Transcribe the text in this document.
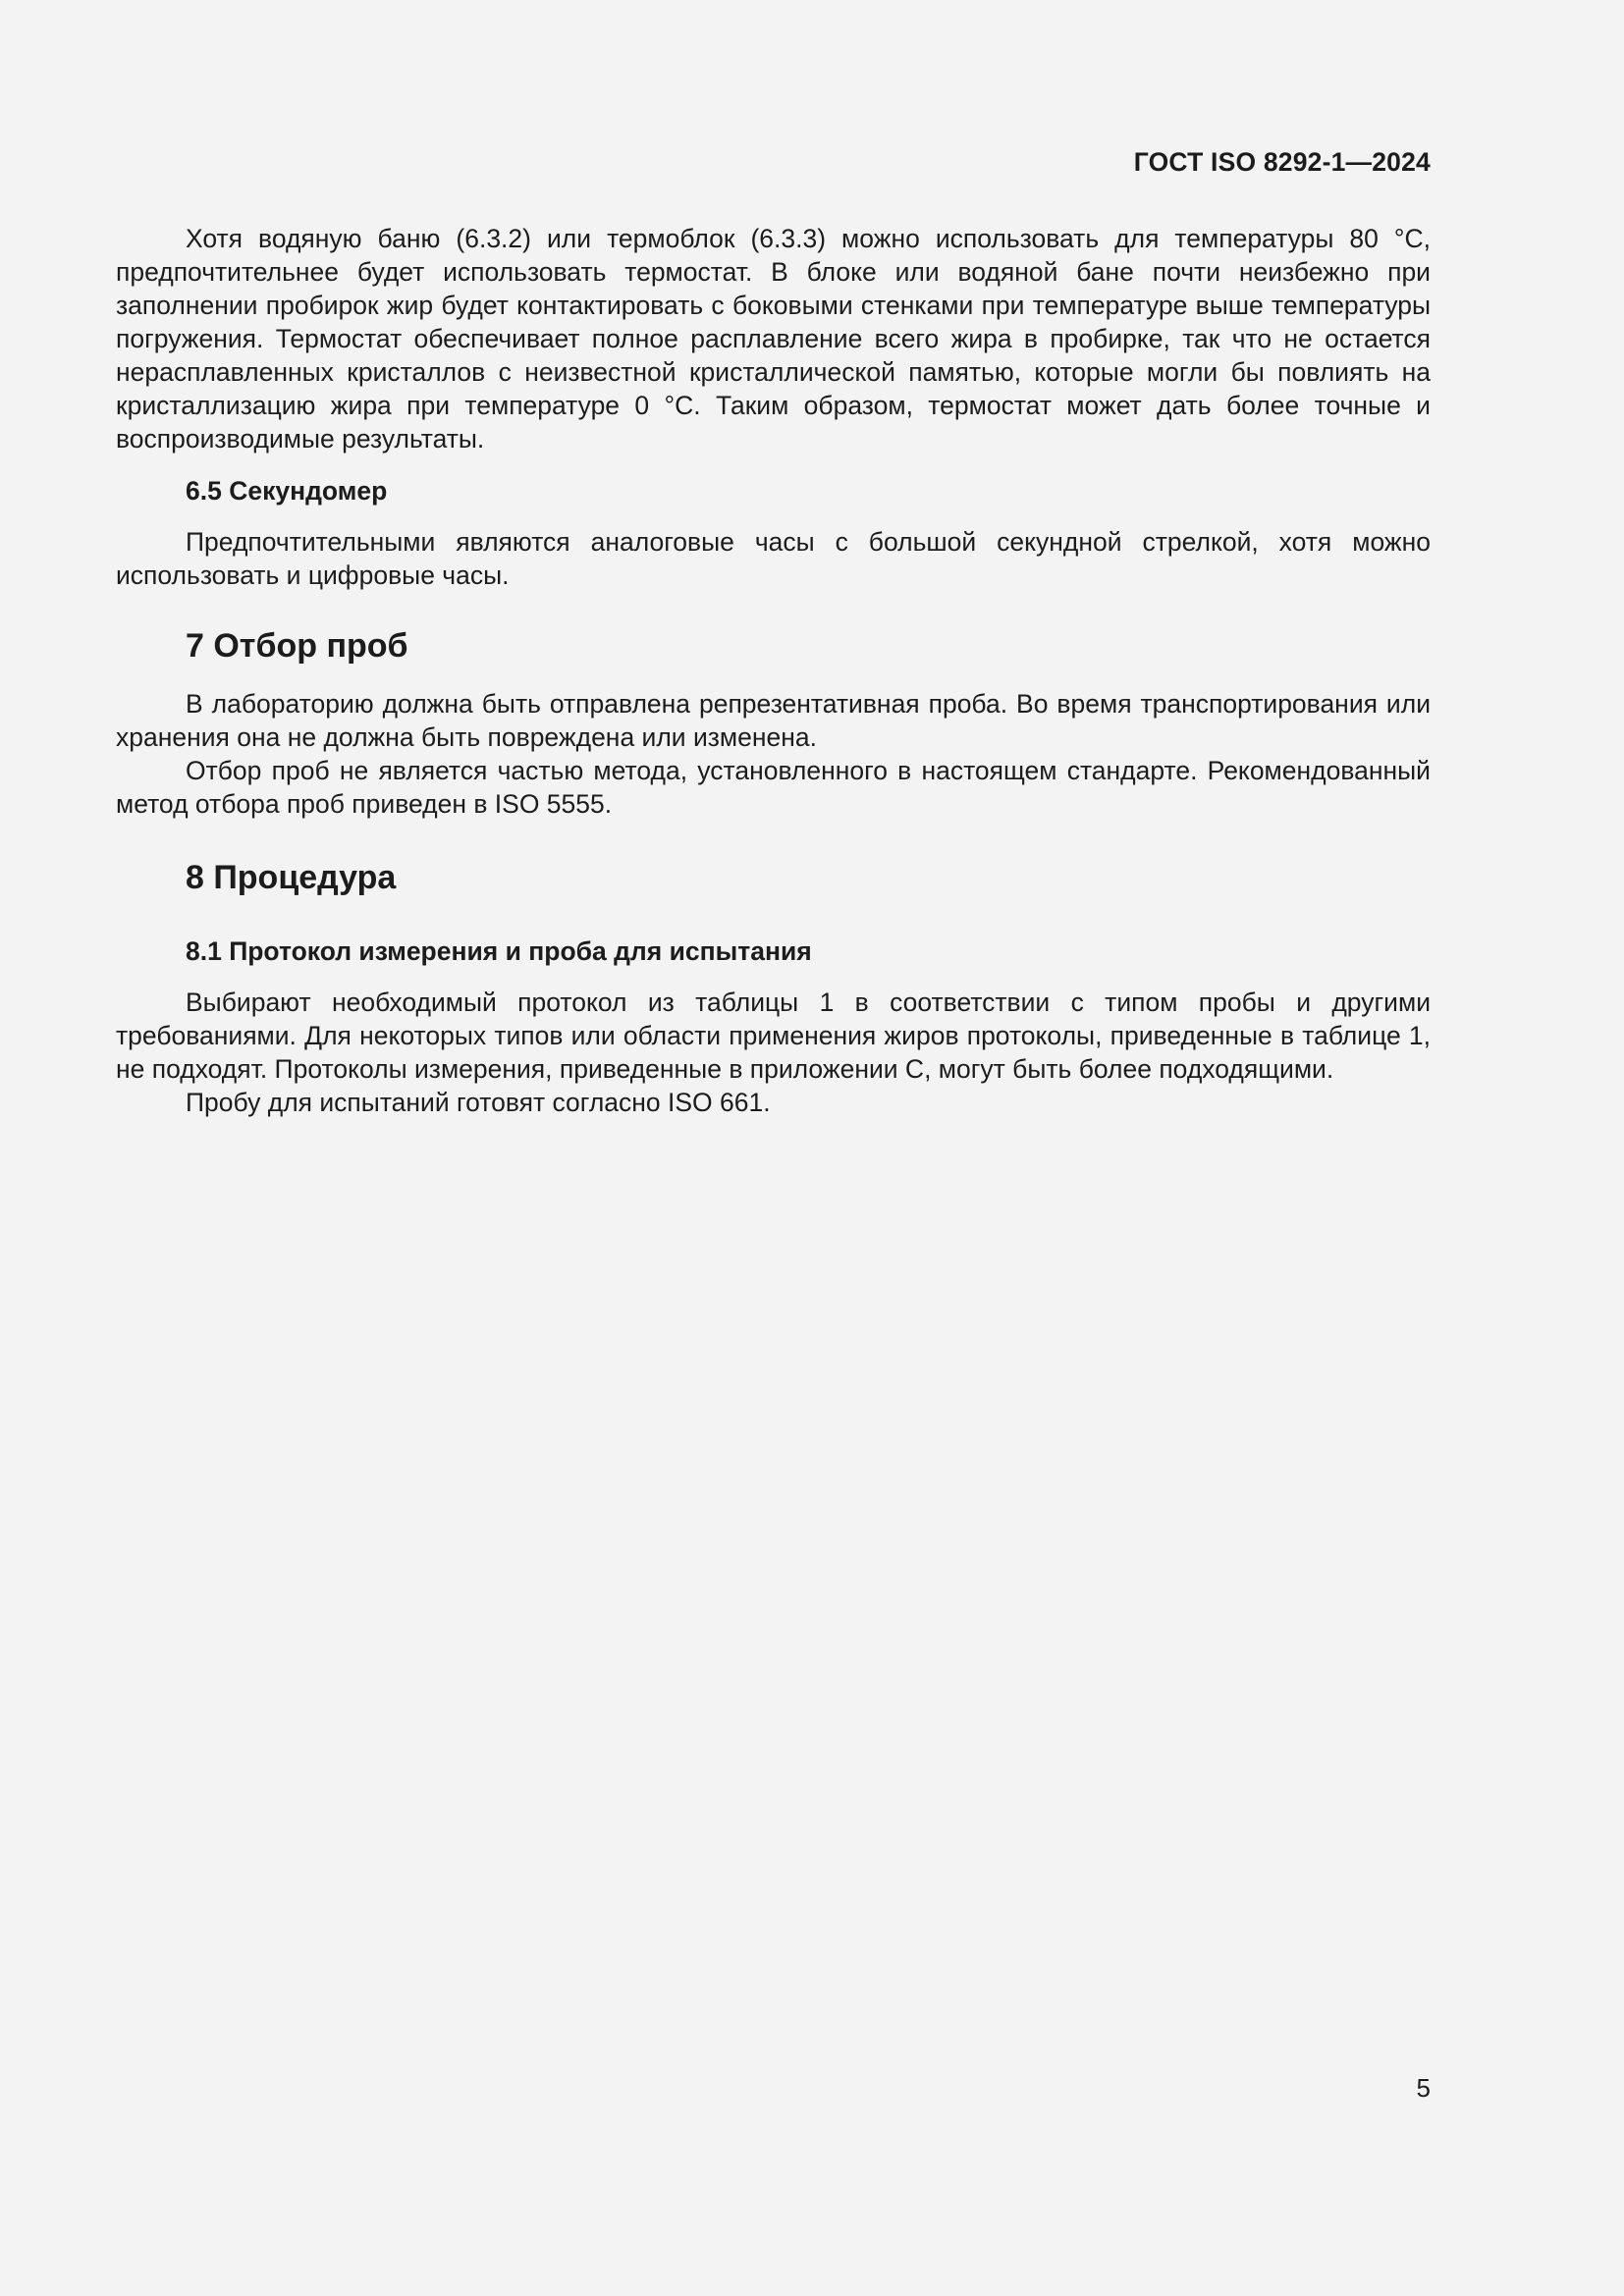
ГОСТ ISO 8292-1—2024

Хотя водяную баню (6.3.2) или термоблок (6.3.3) можно использовать для температуры 80 °С, предпочтительнее будет использовать термостат. В блоке или водяной бане почти неизбежно при заполнении пробирок жир будет контактировать с боковыми стенками при температуре выше температуры погружения. Термостат обеспечивает полное расплавление всего жира в пробирке, так что не остается нерасплавленных кристаллов с неизвестной кристаллической памятью, которые могли бы повлиять на кристаллизацию жира при температуре 0 °С. Таким образом, термостат может дать более точные и воспроизводимые результаты.

6.5 Секундомер

Предпочтительными являются аналоговые часы с большой секундной стрелкой, хотя можно использовать и цифровые часы.

7 Отбор проб

В лабораторию должна быть отправлена репрезентативная проба. Во время транспортирования или хранения она не должна быть повреждена или изменена.

Отбор проб не является частью метода, установленного в настоящем стандарте. Рекомендованный метод отбора проб приведен в ISO 5555.

8 Процедура
8.1 Протокол измерения и проба для испытания

Выбирают необходимый протокол из таблицы 1 в соответствии с типом пробы и другими требованиями. Для некоторых типов или области применения жиров протоколы, приведенные в таблице 1, не подходят. Протоколы измерения, приведенные в приложении С, могут быть более подходящими.

Пробу для испытаний готовят согласно ISO 661.

5
